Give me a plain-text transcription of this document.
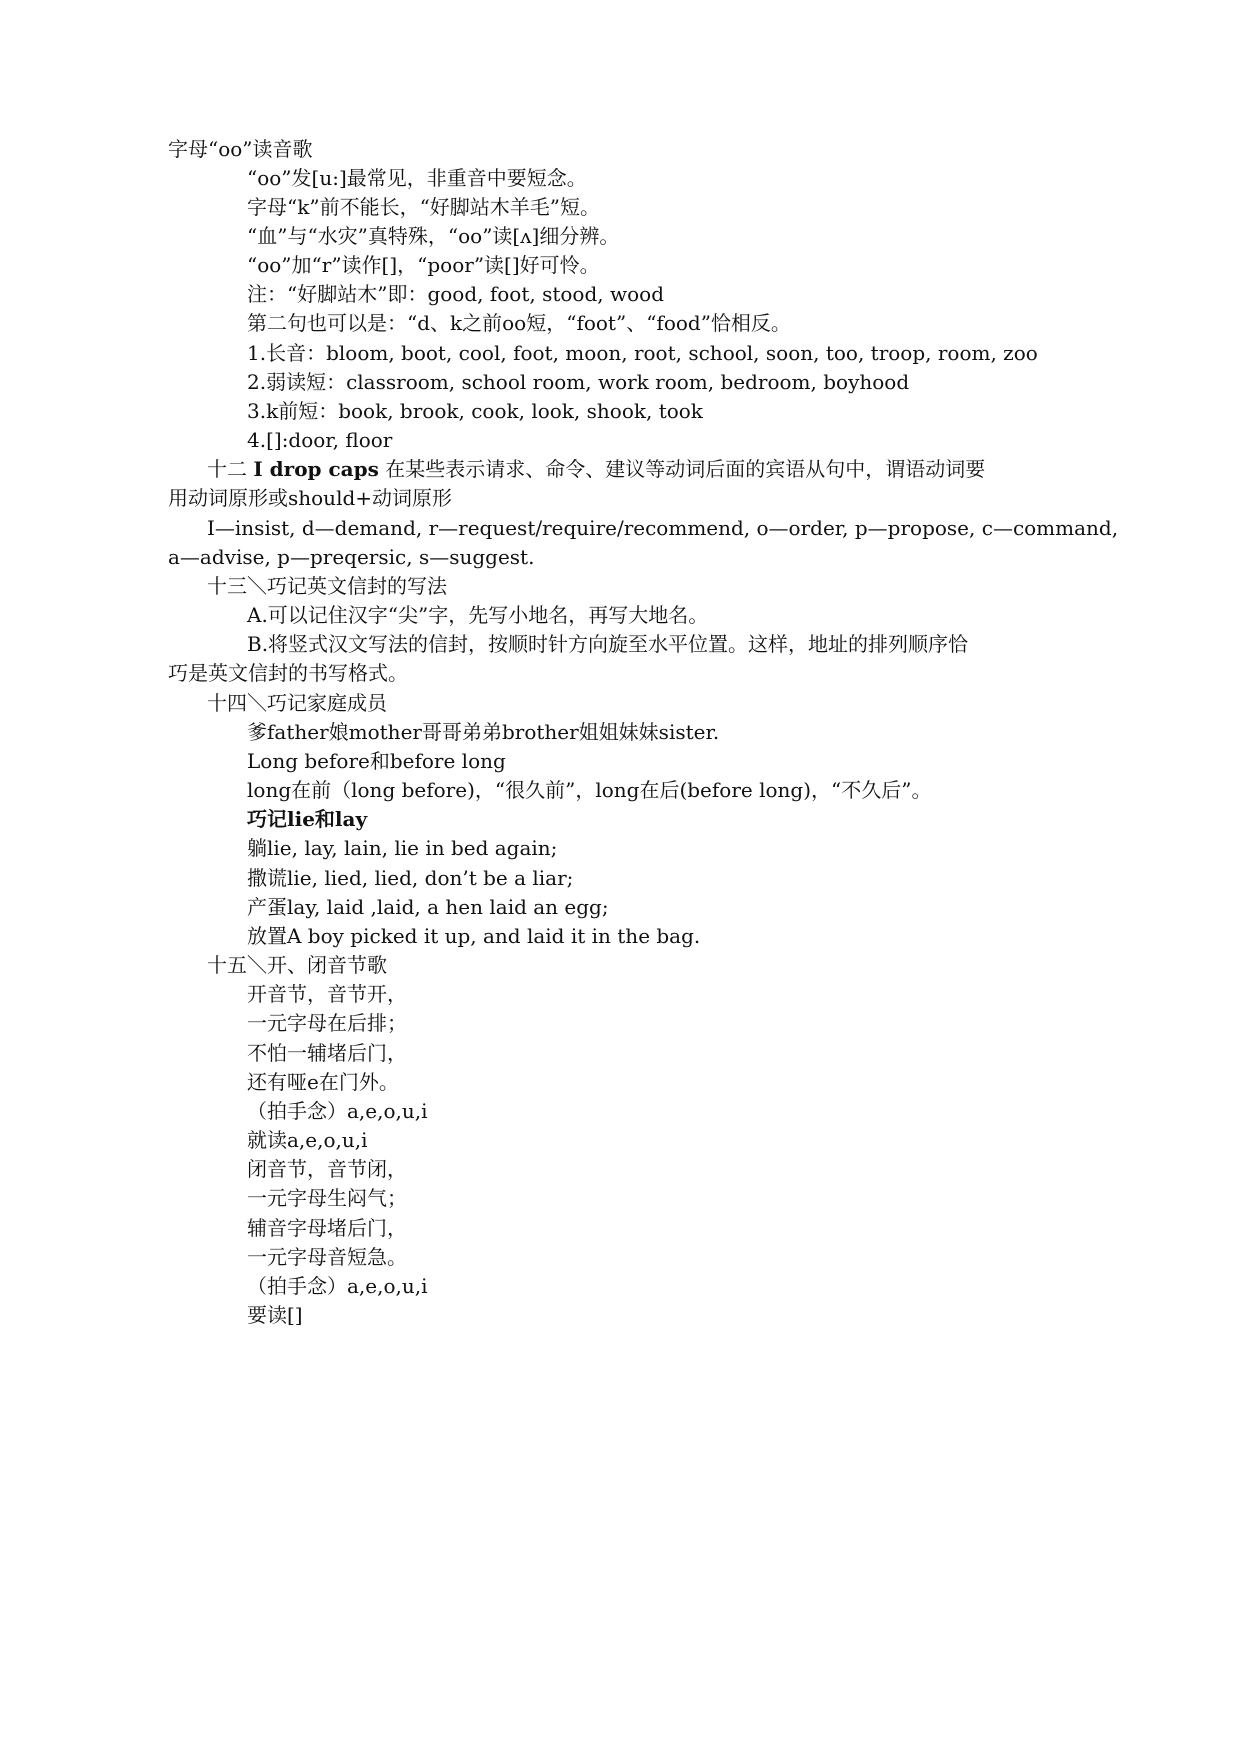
字母“oo”读音歌
“oo”发[u:]最常见，非重音中要短念。
字母“k”前不能长，“好脚站木羊毛”短。
“血”与“水灾”真特殊，“oo”读[ʌ]细分辨。
“oo”加“r”读作[]，“poor”读[]好可怜。
注：“好脚站木”即：good, foot, stood, wood
第二句也可以是：“d、k之前oo短，“foot”、“food”恰相反。
1.长音：bloom, boot, cool, foot, moon, root, school, soon, too, troop, room, zoo
2.弱读短：classroom, school room, work room, bedroom, boyhood
3.k前短：book, brook, cook, look, shook, took
4.[]:door, floor
十二 I drop caps 在某些表示请求、命令、建议等动词后面的宾语从句中，谓语动词要
用动词原形或should+动词原形
I—insist, d—demand, r—request/require/recommend, o—order, p—propose, c—command,
a—advise, p—preqersic, s—suggest.
十三＼巧记英文信封的写法
A.可以记住汉字“尖”字，先写小地名，再写大地名。
B.将竖式汉文写法的信封，按顺时针方向旋至水平位置。这样，地址的排列顺序恰
巧是英文信封的书写格式。
十四＼巧记家庭成员
爹father娘mother哥哥弟弟brother姐姐妹妹sister.
Long before和before long
long在前（long before)，“很久前”，long在后(before long)，“不久后”。
巧记lie和lay
躺lie, lay, lain, lie in bed again;
撒谎lie, lied, lied, don’t be a liar;
产蛋lay, laid ,laid, a hen laid an egg;
放置A boy picked it up, and laid it in the bag.
十五＼开、闭音节歌
开音节，音节开，
一元字母在后排；
不怕一辅堵后门，
还有哑e在门外。
（拍手念）a,e,o,u,i
就读a,e,o,u,i
闭音节，音节闭，
一元字母生闷气；
辅音字母堵后门，
一元字母音短急。
（拍手念）a,e,o,u,i
要读[]
